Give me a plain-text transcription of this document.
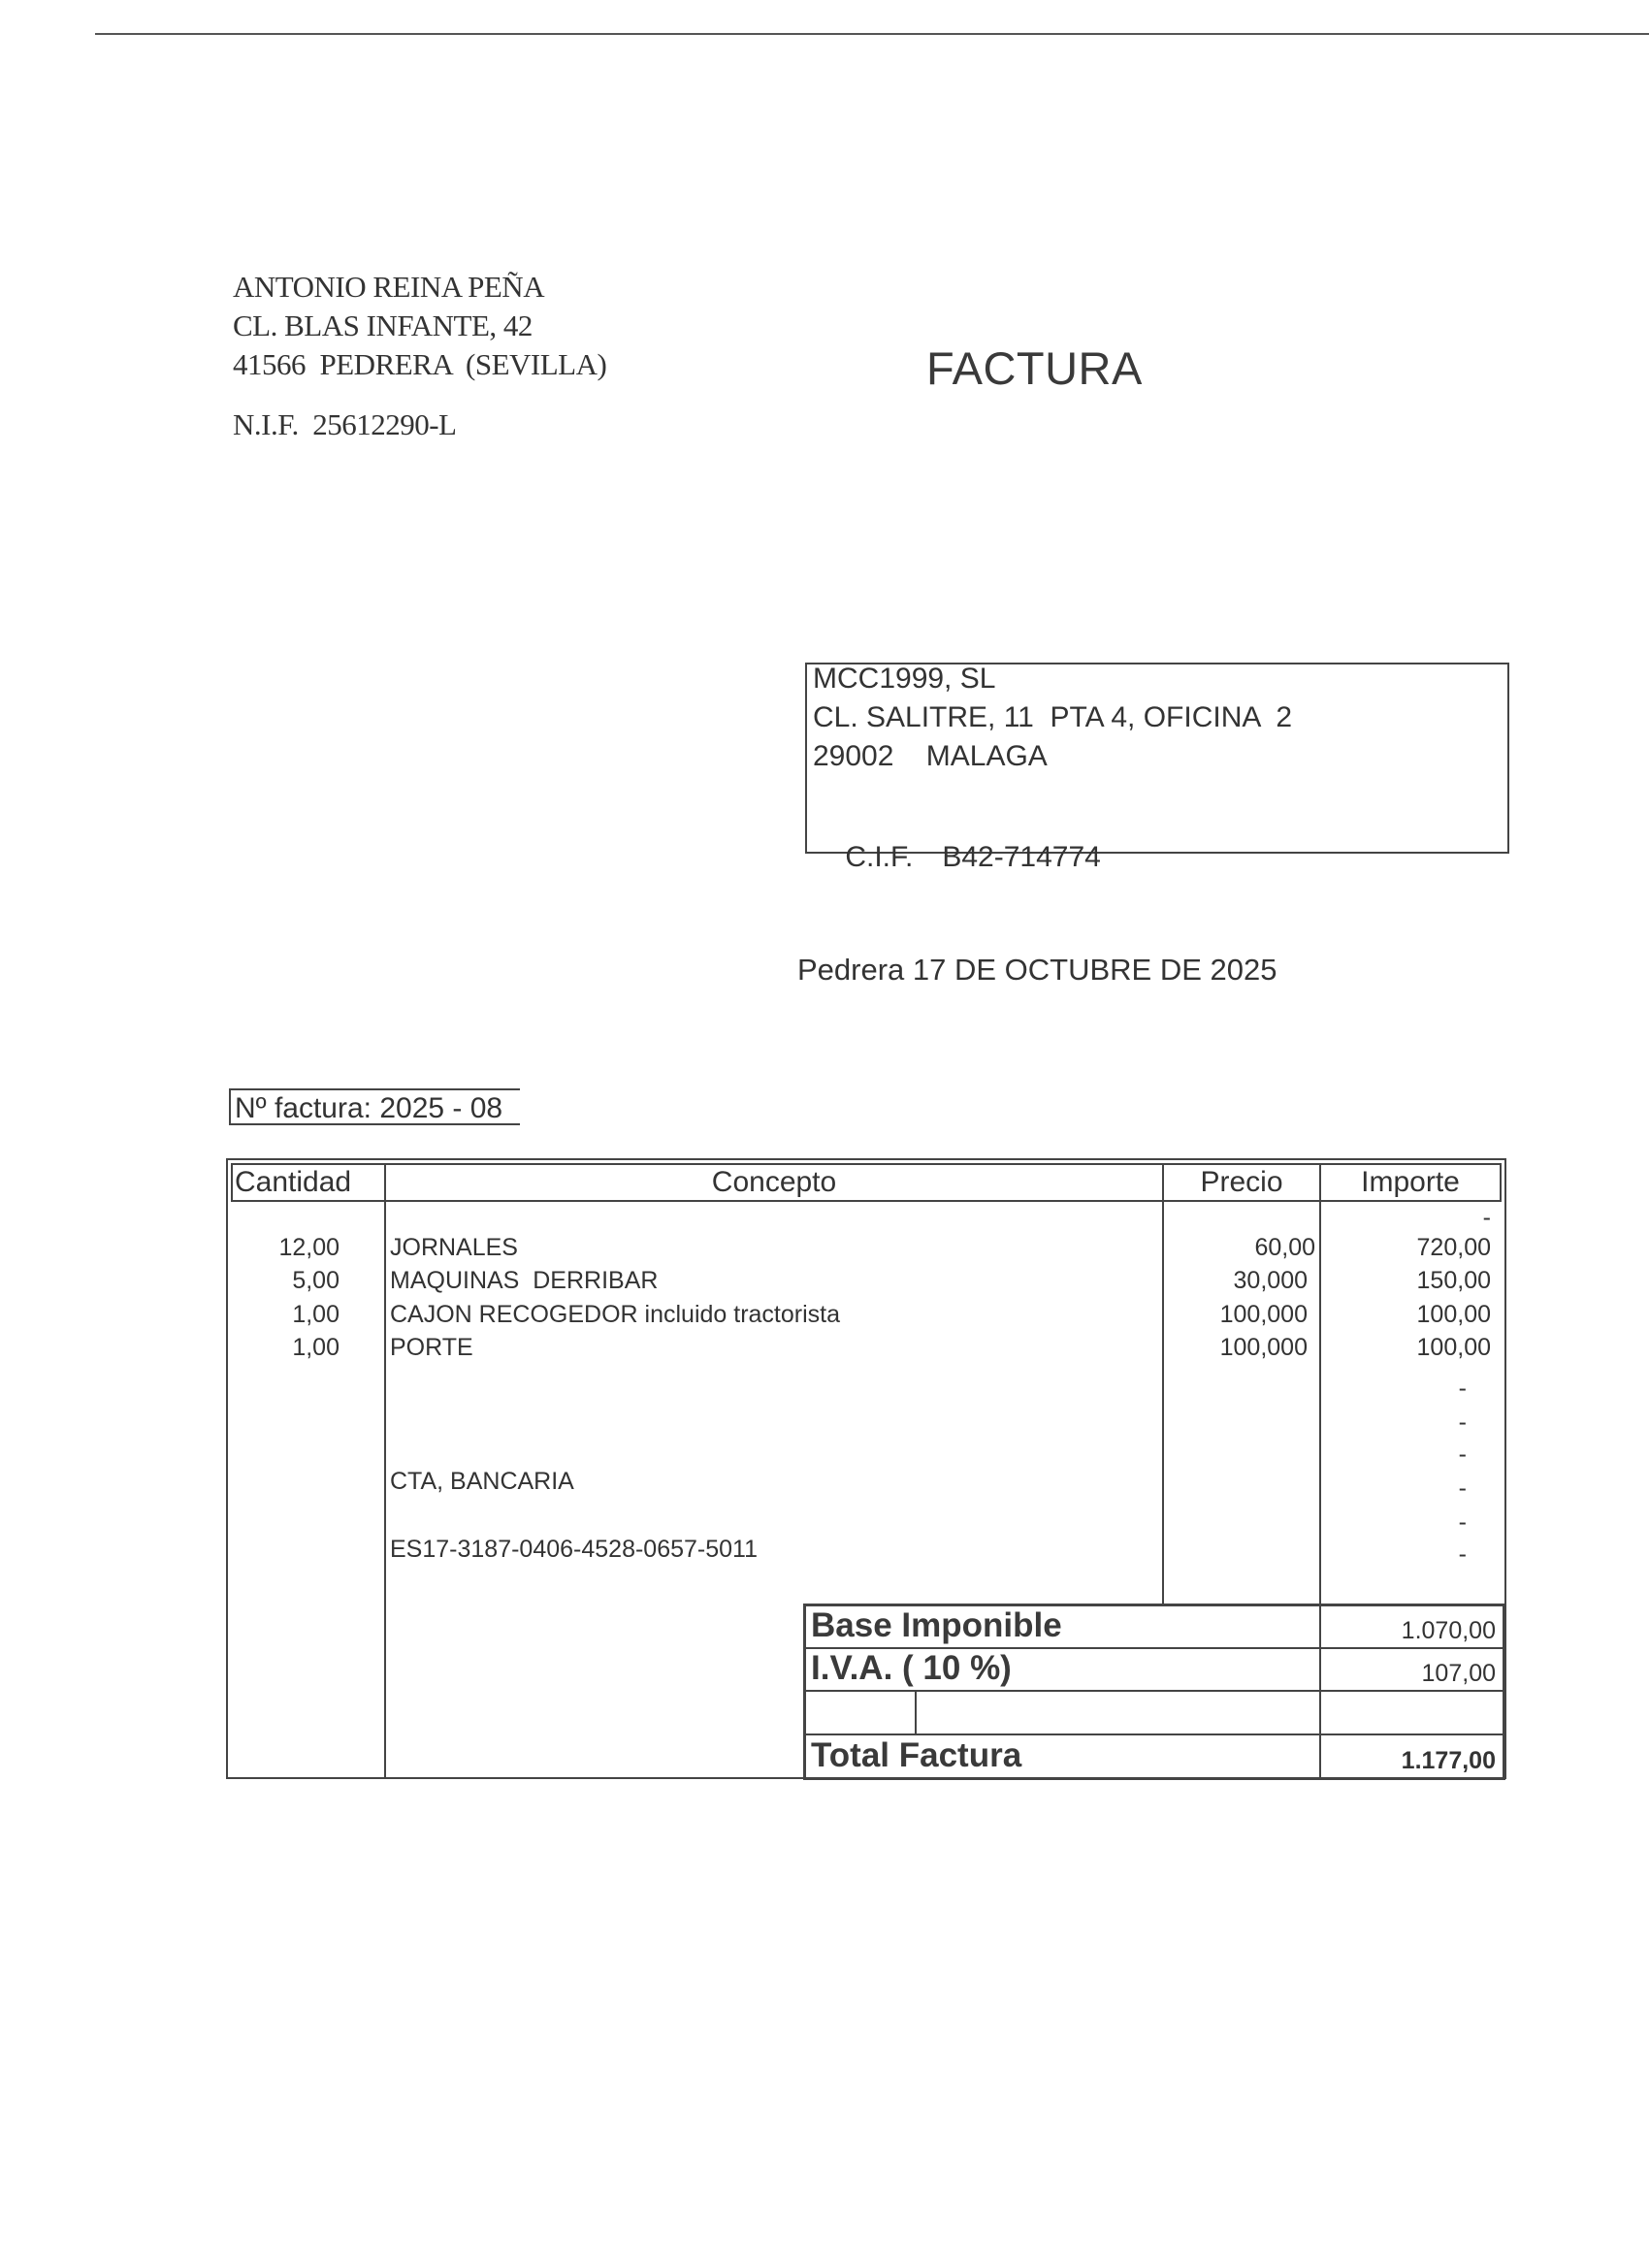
ANTONIO REINA PEÑA
CL. BLAS INFANTE, 42
41566  PEDRERA  (SEVILLA)
N.I.F.  25612290-L
FACTURA
MCC1999, SL
CL. SALITRE, 11  PTA 4, OFICINA  2
29002    MALAGA

C.I.F. B42-714774

Pedrera 17 DE OCTUBRE DE 2025
Nº factura: 2025 - 08
Cantidad	Concepto	Precio	Importe
-
12,00 JORNALES	60,00	720,00
5,00 MAQUINAS  DERRIBAR	30,000	150,00
1,00 CAJON RECOGEDOR incluido tractorista	100,000	100,00
1,00 PORTE	100,000	100,00
-
-
-
-
-
-
CTA, BANCARIA
ES17-3187-0406-4528-0657-5011
Base Imponible	1.070,00
I.V.A. ( 10 %)	107,00
Total Factura	1.177,00
